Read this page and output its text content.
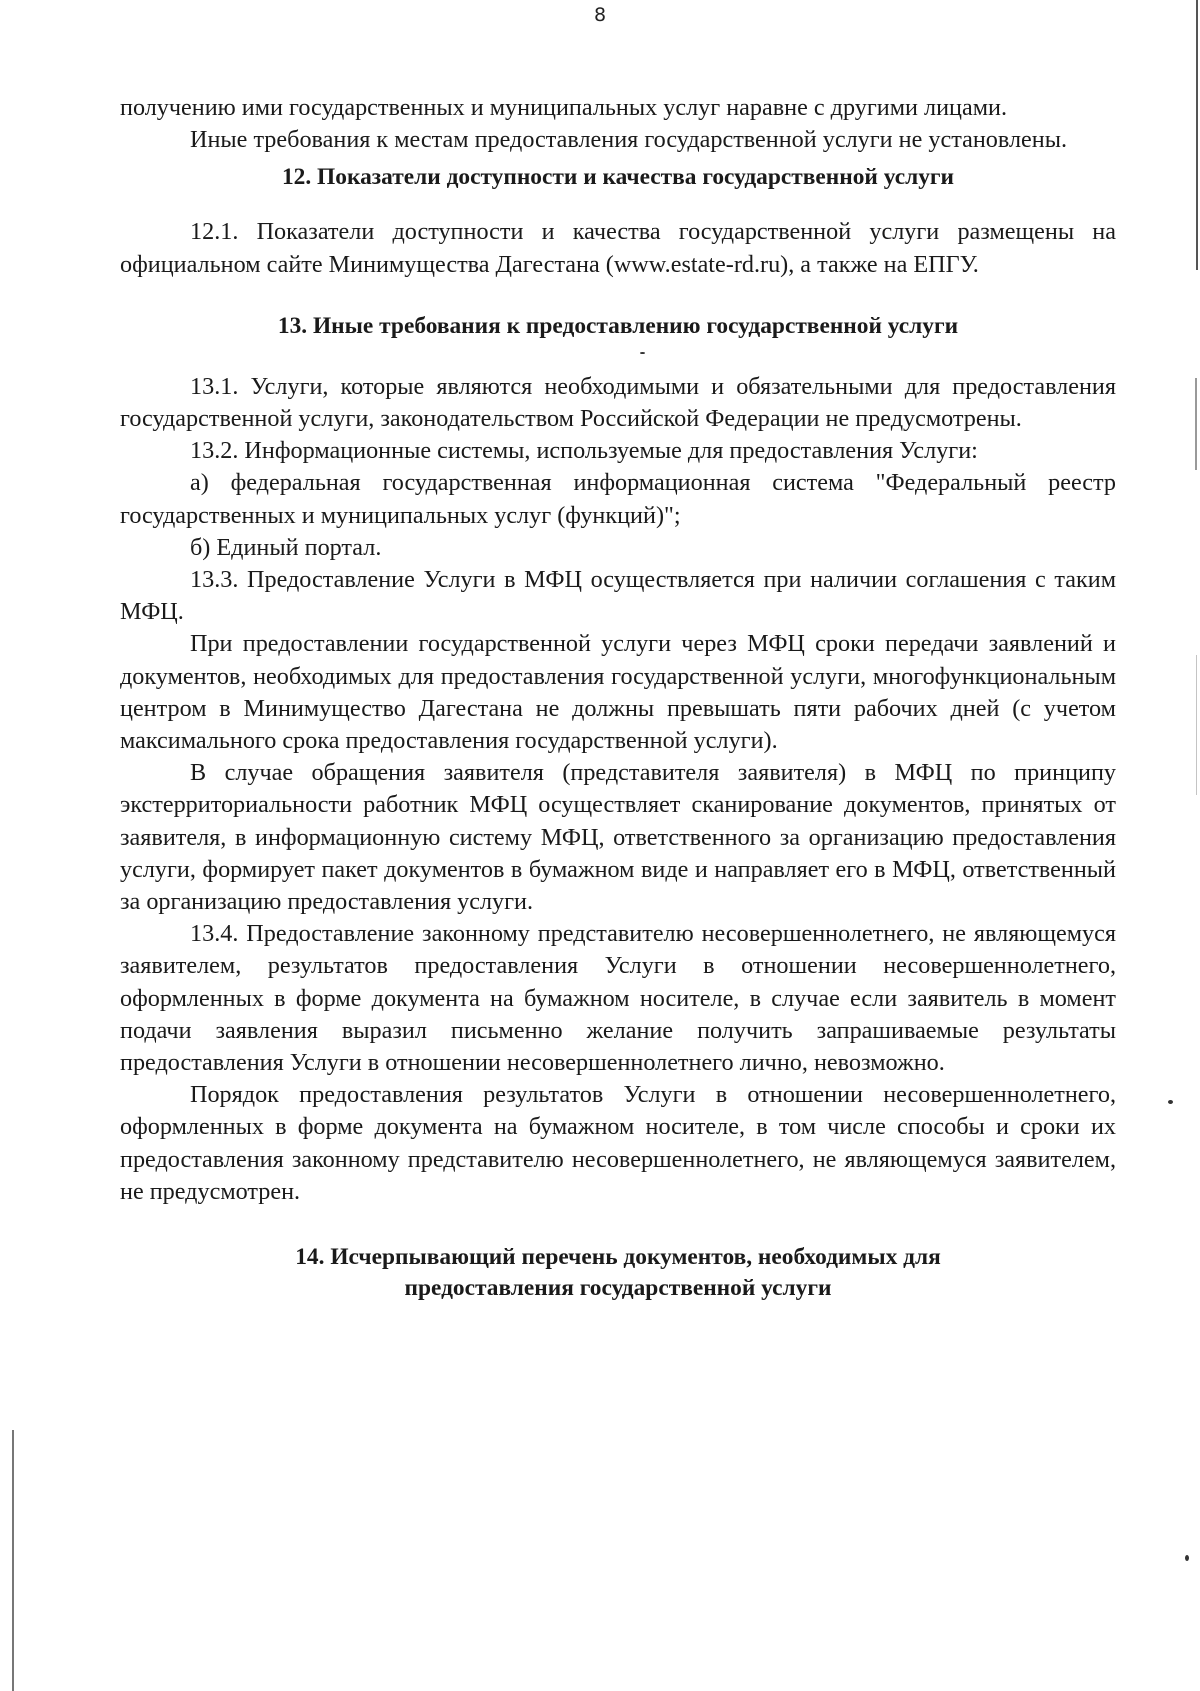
8

получению ими государственных и муниципальных услуг наравне с другими лицами.

Иные требования к местам предоставления государственной услуги не установлены.

12. Показатели доступности и качества государственной услуги

12.1. Показатели доступности и качества государственной услуги размещены на официальном сайте Минимущества Дагестана (www.estate-rd.ru), а также на ЕПГУ.

13. Иные требования к предоставлению государственной услуги

13.1. Услуги, которые являются необходимыми и обязательными для предоставления государственной услуги, законодательством Российской Федерации не предусмотрены.

13.2. Информационные системы, используемые для предоставления Услуги:

а) федеральная государственная информационная система "Федеральный реестр государственных и муниципальных услуг (функций)";

б) Единый портал.

13.3. Предоставление Услуги в МФЦ осуществляется при наличии соглашения с таким МФЦ.

При предоставлении государственной услуги через МФЦ сроки передачи заявлений и документов, необходимых для предоставления государственной услуги, многофункциональным центром в Минимущество Дагестана не должны превышать пяти рабочих дней (с учетом максимального срока предоставления государственной услуги).

В случае обращения заявителя (представителя заявителя) в МФЦ по принципу экстерриториальности работник МФЦ осуществляет сканирование документов, принятых от заявителя, в информационную систему МФЦ, ответственного за организацию предоставления услуги, формирует пакет документов в бумажном виде и направляет его в МФЦ, ответственный за организацию предоставления услуги.

13.4. Предоставление законному представителю несовершеннолетнего, не являющемуся заявителем, результатов предоставления Услуги в отношении несовершеннолетнего, оформленных в форме документа на бумажном носителе, в случае если заявитель в момент подачи заявления выразил письменно желание получить запрашиваемые результаты предоставления Услуги в отношении несовершеннолетнего лично, невозможно.

Порядок предоставления результатов Услуги в отношении несовершеннолетнего, оформленных в форме документа на бумажном носителе, в том числе способы и сроки их предоставления законному представителю несовершеннолетнего, не являющемуся заявителем, не предусмотрен.

14. Исчерпывающий перечень документов, необходимых для
предоставления государственной услуги
